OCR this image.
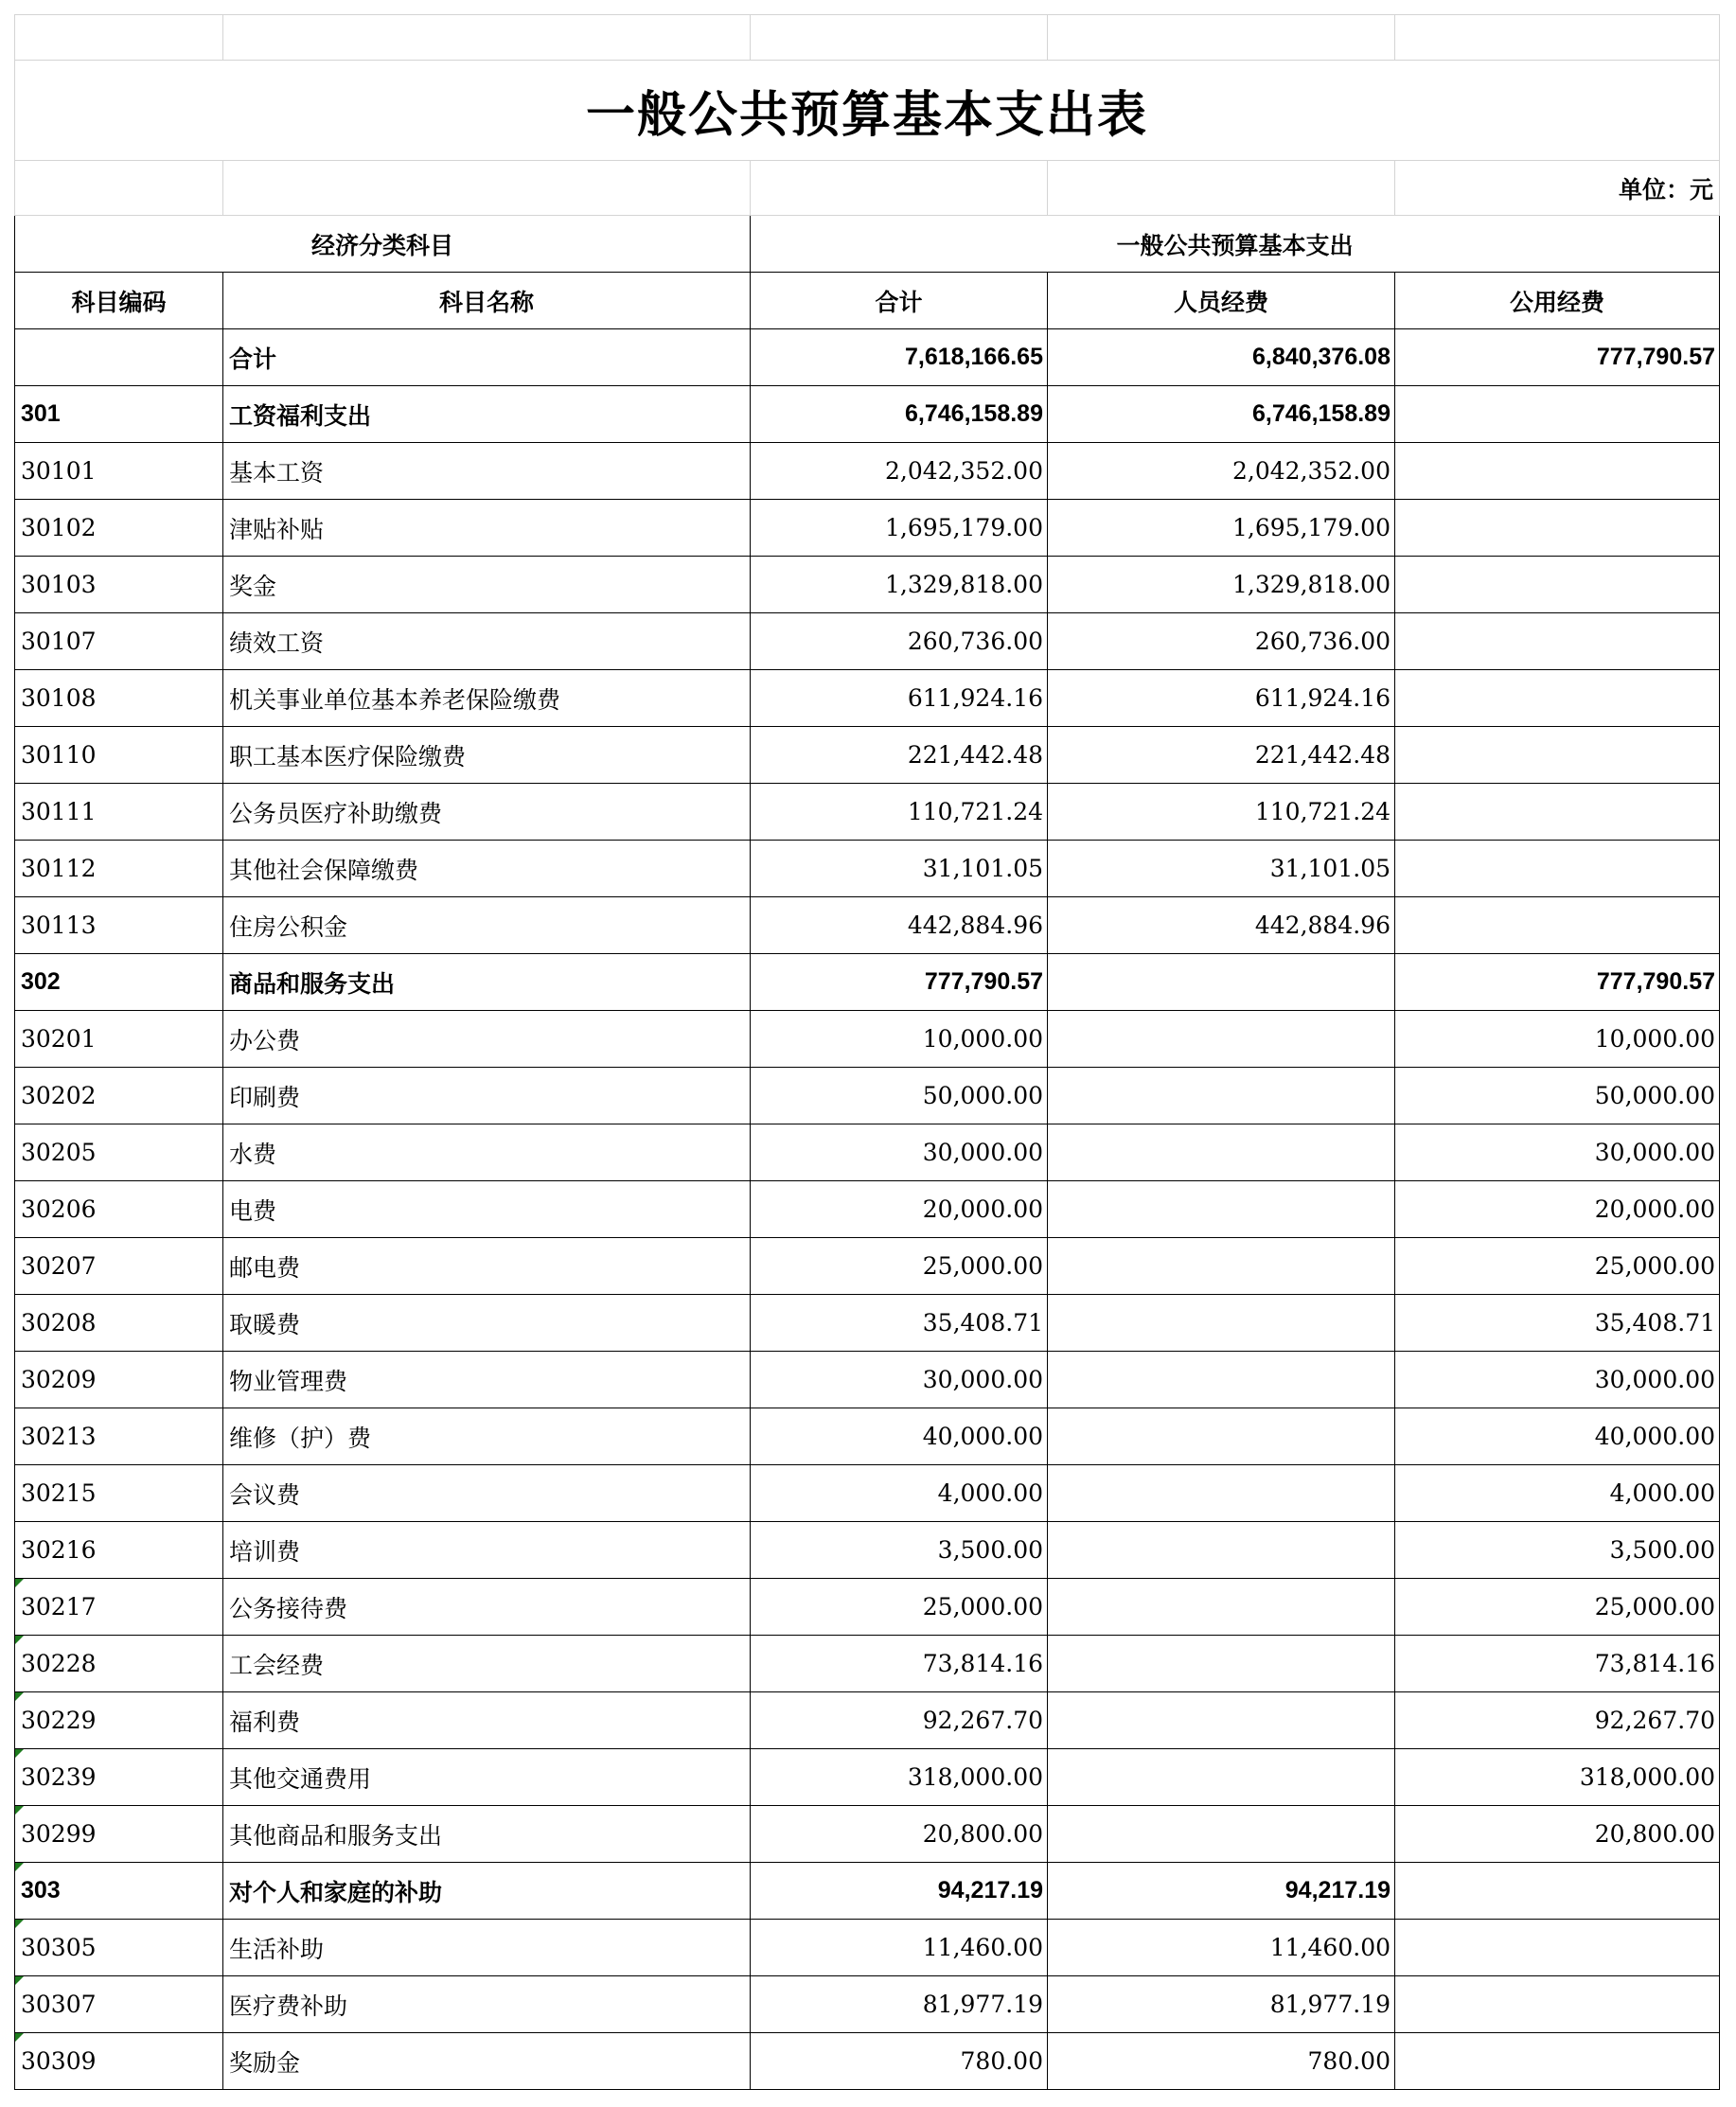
一般公共预算基本支出表				
				单位：元
经济分类科目		一般公共预算基本支出		
科目编码	科目名称	合计	人员经费	公用经费
	合计	7,618,166.65	6,840,376.08	777,790.57
301	工资福利支出	6,746,158.89	6,746,158.89	
30101	基本工资	2,042,352.00	2,042,352.00	
30102	津贴补贴	1,695,179.00	1,695,179.00	
30103	奖金	1,329,818.00	1,329,818.00	
30107	绩效工资	260,736.00	260,736.00	
30108	机关事业单位基本养老保险缴费	611,924.16	611,924.16	
30110	职工基本医疗保险缴费	221,442.48	221,442.48	
30111	公务员医疗补助缴费	110,721.24	110,721.24	
30112	其他社会保障缴费	31,101.05	31,101.05	
30113	住房公积金	442,884.96	442,884.96	
302	商品和服务支出	777,790.57		777,790.57
30201	办公费	10,000.00		10,000.00
30202	印刷费	50,000.00		50,000.00
30205	水费	30,000.00		30,000.00
30206	电费	20,000.00		20,000.00
30207	邮电费	25,000.00		25,000.00
30208	取暖费	35,408.71		35,408.71
30209	物业管理费	30,000.00		30,000.00
30213	维修（护）费	40,000.00		40,000.00
30215	会议费	4,000.00		4,000.00
30216	培训费	3,500.00		3,500.00
30217	公务接待费	25,000.00		25,000.00
30228	工会经费	73,814.16		73,814.16
30229	福利费	92,267.70		92,267.70
30239	其他交通费用	318,000.00		318,000.00
30299	其他商品和服务支出	20,800.00		20,800.00
303	对个人和家庭的补助	94,217.19	94,217.19	
30305	生活补助	11,460.00	11,460.00	
30307	医疗费补助	81,977.19	81,977.19	
30309	奖励金	780.00	780.00	
